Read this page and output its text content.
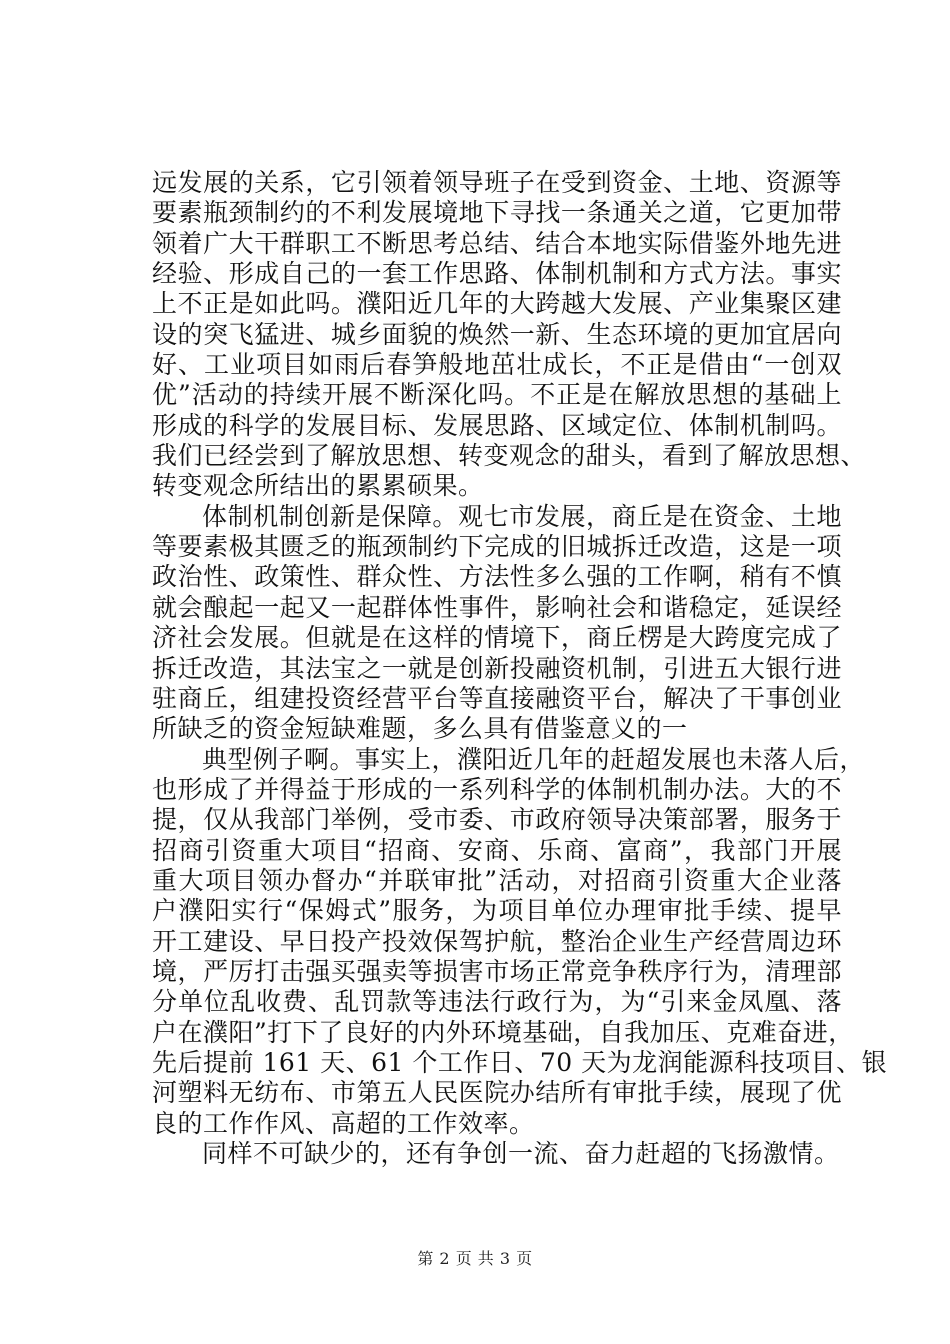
远发展的关系，它引领着领导班子在受到资金、土地、资源等
要素瓶颈制约的不利发展境地下寻找一条通关之道，它更加带
领着广大干群职工不断思考总结、结合本地实际借鉴外地先进
经验、形成自己的一套工作思路、体制机制和方式方法。事实
上不正是如此吗。濮阳近几年的大跨越大发展、产业集聚区建
设的突飞猛进、城乡面貌的焕然一新、生态环境的更加宜居向
好、工业项目如雨后春笋般地茁壮成长，不正是借由“一创双
优”活动的持续开展不断深化吗。不正是在解放思想的基础上
形成的科学的发展目标、发展思路、区域定位、体制机制吗。
我们已经尝到了解放思想、转变观念的甜头，看到了解放思想、
转变观念所结出的累累硕果。
体制机制创新是保障。观七市发展，商丘是在资金、土地
等要素极其匮乏的瓶颈制约下完成的旧城拆迁改造，这是一项
政治性、政策性、群众性、方法性多么强的工作啊，稍有不慎
就会酿起一起又一起群体性事件，影响社会和谐稳定，延误经
济社会发展。但就是在这样的情境下，商丘楞是大跨度完成了
拆迁改造，其法宝之一就是创新投融资机制，引进五大银行进
驻商丘，组建投资经营平台等直接融资平台，解决了干事创业
所缺乏的资金短缺难题，多么具有借鉴意义的一
典型例子啊。事实上，濮阳近几年的赶超发展也未落人后，
也形成了并得益于形成的一系列科学的体制机制办法。大的不
提，仅从我部门举例，受市委、市政府领导决策部署，服务于
招商引资重大项目“招商、安商、乐商、富商”，我部门开展
重大项目领办督办“并联审批”活动，对招商引资重大企业落
户濮阳实行“保姆式”服务，为项目单位办理审批手续、提早
开工建设、早日投产投效保驾护航，整治企业生产经营周边环
境，严厉打击强买强卖等损害市场正常竞争秩序行为，清理部
分单位乱收费、乱罚款等违法行政行为，为“引来金凤凰、落
户在濮阳”打下了良好的内外环境基础，自我加压、克难奋进，
先后提前 161 天、61 个工作日、70 天为龙润能源科技项目、银
河塑料无纺布、市第五人民医院办结所有审批手续，展现了优
良的工作作风、高超的工作效率。
同样不可缺少的，还有争创一流、奋力赶超的飞扬激情。
第 2 页 共 3 页
